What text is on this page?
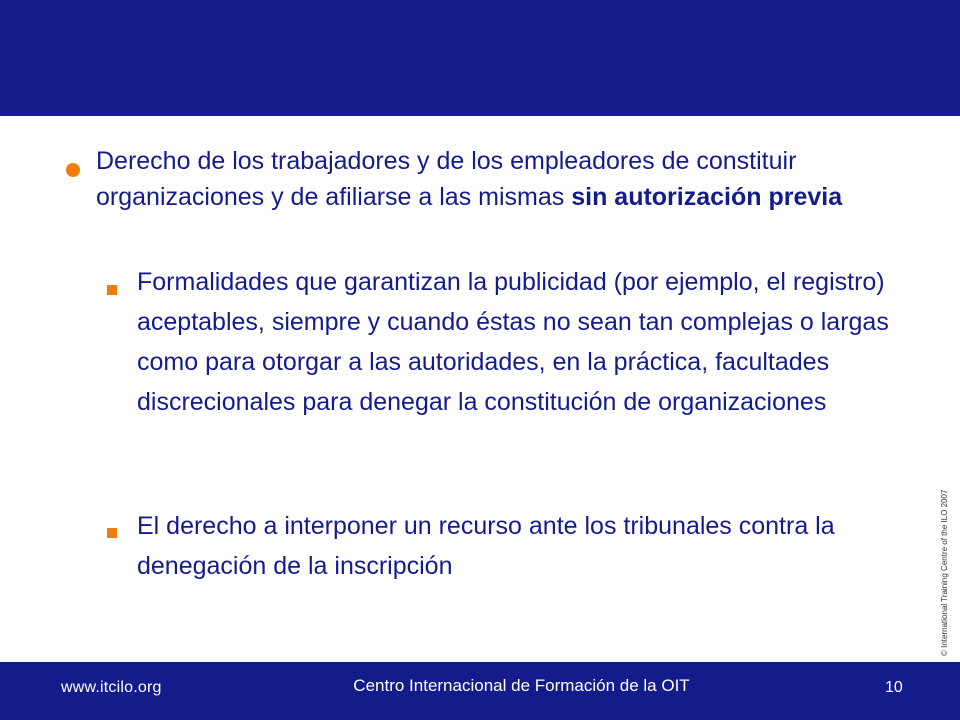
Derecho de los trabajadores y de los empleadores de constituir organizaciones y de afiliarse a las mismas sin autorización previa
Formalidades que garantizan la publicidad (por ejemplo, el registro) aceptables, siempre y cuando éstas no sean tan complejas o largas como para otorgar a las autoridades, en la práctica, facultades discrecionales para denegar la constitución de organizaciones
El derecho a interponer un recurso ante los tribunales contra la denegación de la inscripción	© International Training Centre of the ILO 2007
www.itcilo.org	Centro Internacional de Formación de la OIT	10
